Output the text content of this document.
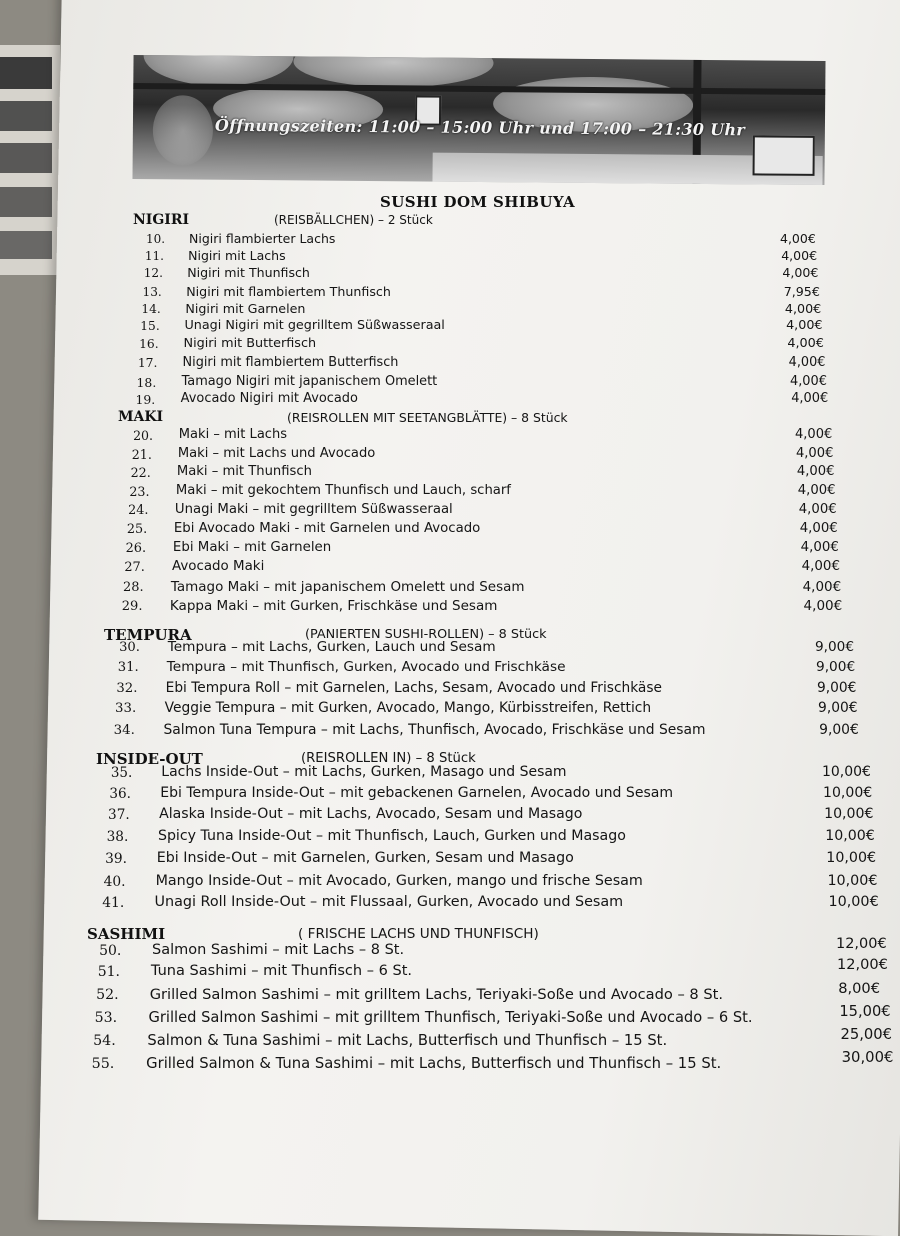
Öffnungszeiten: 11:00 – 15:00 Uhr und 17:00 – 21:30 Uhr
SUSHI DOM SHIBUYA
NIGIRI	(REISBÄLLCHEN) – 2 Stück
10. Nigiri flambierter Lachs	4,00€
11. Nigiri mit Lachs	4,00€
12. Nigiri mit Thunfisch	4,00€
13. Nigiri mit flambiertem Thunfisch	7,95€
14. Nigiri mit Garnelen	4,00€
15. Unagi Nigiri mit gegrilltem Süßwasseraal	4,00€
16. Nigiri mit Butterfisch	4,00€
17. Nigiri mit flambiertem Butterfisch	4,00€
18. Tamago Nigiri mit japanischem Omelett	4,00€
19. Avocado Nigiri mit Avocado	4,00€
MAKI	(REISROLLEN MIT SEETANGBLÄTTE) – 8 Stück
20. Maki – mit Lachs	4,00€
21. Maki – mit Lachs und Avocado	4,00€
22. Maki – mit Thunfisch	4,00€
23. Maki – mit gekochtem Thunfisch und Lauch, scharf	4,00€
24. Unagi Maki – mit gegrilltem Süßwasseraal	4,00€
25. Ebi Avocado Maki - mit Garnelen und Avocado	4,00€
26. Ebi Maki – mit Garnelen	4,00€
27. Avocado Maki	4,00€
28. Tamago Maki – mit japanischem Omelett und Sesam	4,00€
29. Kappa Maki – mit Gurken, Frischkäse und Sesam	4,00€
TEMPURA	(PANIERTEN SUSHI-ROLLEN) – 8 Stück
30. Tempura – mit Lachs, Gurken, Lauch und Sesam	9,00€
31. Tempura – mit Thunfisch, Gurken, Avocado und Frischkäse	9,00€
32. Ebi Tempura Roll – mit Garnelen, Lachs, Sesam, Avocado und Frischkäse	9,00€
33. Veggie Tempura – mit Gurken, Avocado, Mango, Kürbisstreifen, Rettich	9,00€
34. Salmon Tuna Tempura – mit Lachs, Thunfisch, Avocado, Frischkäse und Sesam	9,00€
INSIDE-OUT	(REISROLLEN IN) – 8 Stück
35. Lachs Inside-Out – mit Lachs, Gurken, Masago und Sesam	10,00€
36. Ebi Tempura Inside-Out – mit gebackenen Garnelen, Avocado und Sesam	10,00€
37. Alaska Inside-Out – mit Lachs, Avocado, Sesam und Masago	10,00€
38. Spicy Tuna Inside-Out – mit Thunfisch, Lauch, Gurken und Masago	10,00€
39. Ebi Inside-Out – mit Garnelen, Gurken, Sesam und Masago	10,00€
40. Mango Inside-Out – mit Avocado, Gurken, mango und frische Sesam	10,00€
41. Unagi Roll Inside-Out – mit Flussaal, Gurken, Avocado und Sesam	10,00€
SASHIMI	( FRISCHE LACHS UND THUNFISCH)
50. Salmon Sashimi – mit Lachs – 8 St.	12,00€
51. Tuna Sashimi – mit Thunfisch – 6 St.	12,00€
52. Grilled Salmon Sashimi – mit grilltem Lachs, Teriyaki-Soße und Avocado – 8 St.	8,00€
53. Grilled Salmon Sashimi – mit grilltem Thunfisch, Teriyaki-Soße und Avocado – 6 St.	15,00€
54. Salmon & Tuna Sashimi – mit Lachs, Butterfisch und Thunfisch – 15 St.	25,00€
55. Grilled Salmon & Tuna Sashimi – mit Lachs, Butterfisch und Thunfisch – 15 St.	30,00€
